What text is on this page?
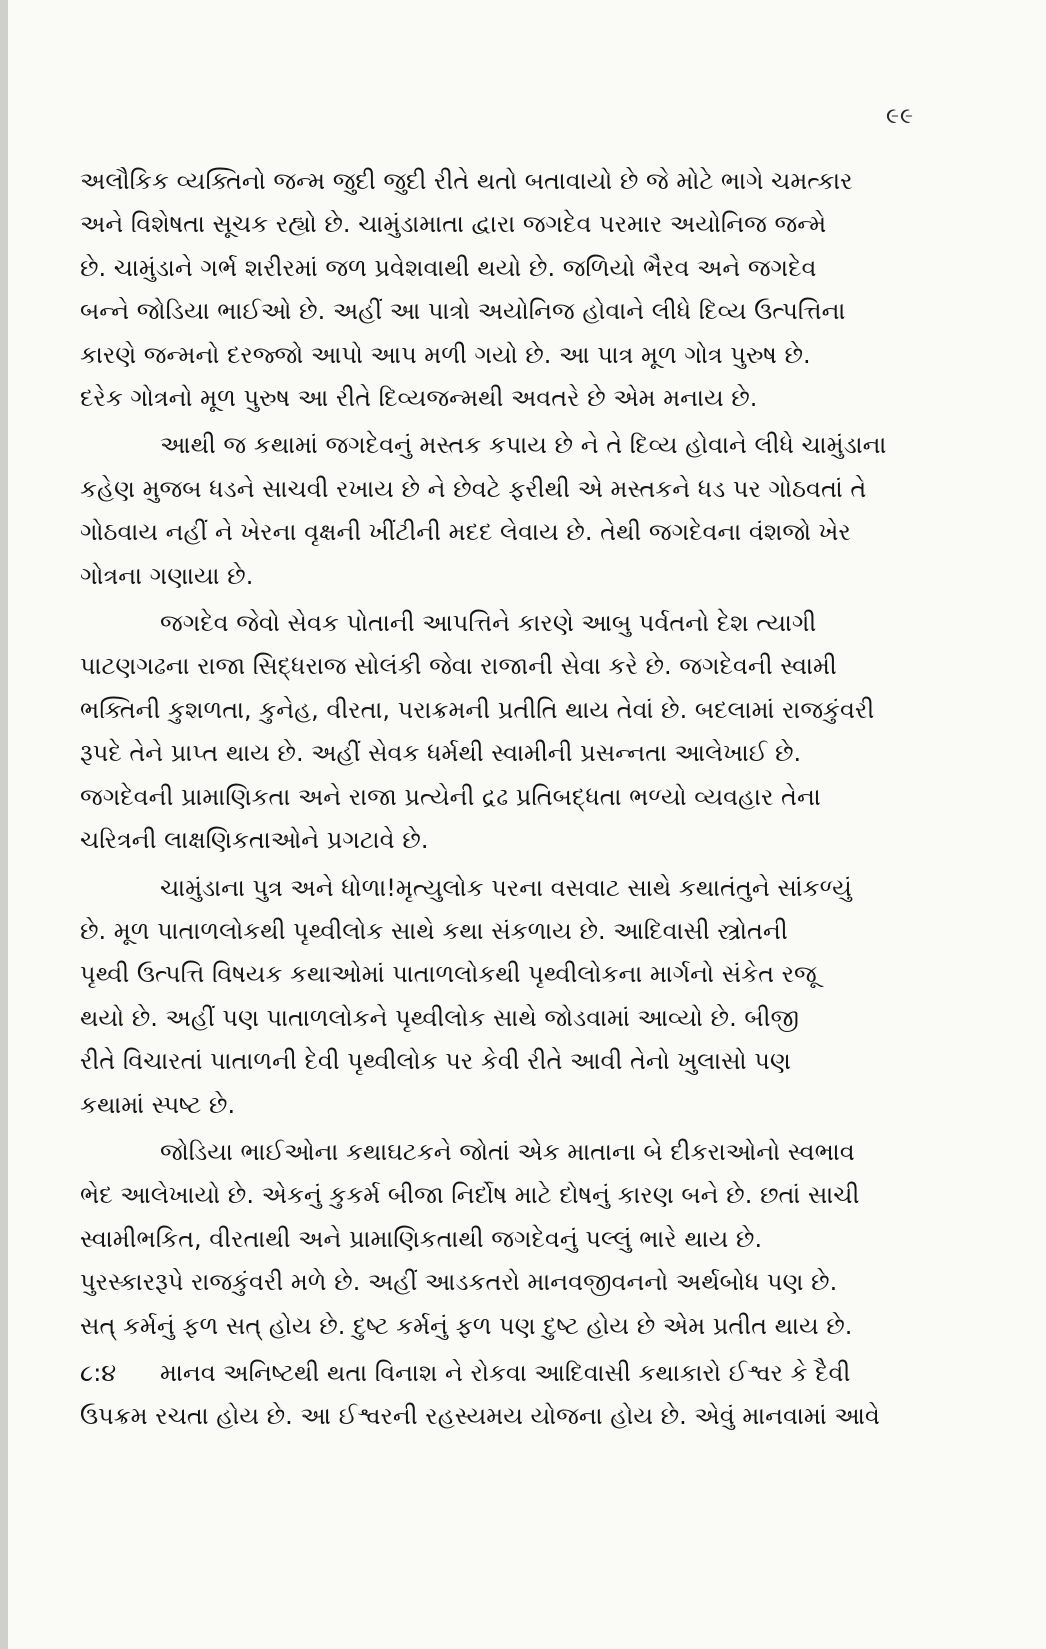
૯૯
અલૌકિક વ્યક્તિનો જન્મ જુદી જુદી રીતે થતો બતાવાયો છે જે મોટે ભાગે ચમત્કાર
અને વિશેષતા સૂચક રહ્યો છે. ચામુંડામાતા દ્વારા જગદેવ પરમાર અયોનિજ જન્મે
છે. ચામુંડાને ગર્ભ શરીરમાં જળ પ્રવેશવાથી થયો છે. જળિયો ભૈરવ અને જગદેવ
બન્ને જોડિયા ભાઈઓ છે. અહીં આ પાત્રો અયોનિજ હોવાને લીધે દિવ્ય ઉત્પત્તિના
કારણે જન્મનો દરજ્જો આપો આપ મળી ગયો છે. આ પાત્ર મૂળ ગોત્ર પુરુષ છે.
દરેક ગોત્રનો મૂળ પુરુષ આ રીતે દિવ્યજન્મથી અવતરે છે એમ મનાય છે.
આથી જ કથામાં જગદેવનું મસ્તક કપાય છે ને તે દિવ્ય હોવાને લીધે ચામુંડાના
કહેણ મુજબ ધડને સાચવી રખાય છે ને છેવટે ફરીથી એ મસ્તકને ધડ પર ગોઠવતાં તે
ગોઠવાય નહીં ને ખેરના વૃક્ષની ખીંટીની મદદ લેવાય છે. તેથી જગદેવના વંશજો ખેર
ગોત્રના ગણાયા છે.
જગદેવ જેવો સેવક પોતાની આપત્તિને કારણે આબુ પર્વતનો દેશ ત્યાગી
પાટણગઢના રાજા સિદ્ધરાજ સોલંકી જેવા રાજાની સેવા કરે છે. જગદેવની સ્વામી
ભક્તિની કુશળતા, કુનેહ, વીરતા, પરાક્રમની પ્રતીતિ થાય તેવાં છે. બદલામાં રાજકુંવરી
રૂપદે તેને પ્રાપ્ત થાય છે. અહીં સેવક ધર્મથી સ્વામીની પ્રસન્નતા આલેખાઈ છે.
જગદેવની પ્રામાણિકતા અને રાજા પ્રત્યેની દ્રઢ પ્રતિબદ્ધતા ભળ્યો વ્યવહાર તેના
ચરિત્રની લાક્ષણિકતાઓને પ્રગટાવે છે.
ચામુંડાના પુત્ર અને ધોળા!મૃત્યુલોક પરના વસવાટ સાથે કથાતંતુને સાંકળ્યું
છે. મૂળ પાતાળલોકથી પૃથ્વીલોક સાથે કથા સંકળાય છે. આદિવાસી સ્ત્રોતની
પૃથ્વી ઉત્પત્તિ વિષયક કથાઓમાં પાતાળલોકથી પૃથ્વીલોકના માર્ગનો સંકેત રજૂ
થયો છે. અહીં પણ પાતાળલોકને પૃથ્વીલોક સાથે જોડવામાં આવ્યો છે. બીજી
રીતે વિચારતાં પાતાળની દેવી પૃથ્વીલોક પર કેવી રીતે આવી તેનો ખુલાસો પણ
કથામાં સ્પષ્ટ છે.
જોડિયા ભાઈઓના કથાઘટકને જોતાં એક માતાના બે દીકરાઓનો સ્વભાવ
ભેદ આલેખાયો છે. એકનું કુકર્મ બીજા નિર્દોષ માટે દોષનું કારણ બને છે. છતાં સાચી
સ્વામીભકિત, વીરતાથી અને પ્રામાણિકતાથી જગદેવનું પલ્લું ભારે થાય છે.
પુરસ્કારરૂપે રાજકુંવરી મળે છે. અહીં આડકતરો માનવજીવનનો અર્થબોધ પણ છે.
સત્ કર્મનું ફળ સત્ હોય છે. દુષ્ટ કર્મનું ફળ પણ દુષ્ટ હોય છે એમ પ્રતીત થાય છે.
૮:૪ માનવ અનિષ્ટથી થતા વિનાશ ને રોકવા આદિવાસી કથાકારો ઈશ્વર કે દૈવી
ઉપક્રમ રચતા હોય છે. આ ઈશ્વરની રહસ્યમય યોજના હોય છે. એવું માનવામાં આવે
